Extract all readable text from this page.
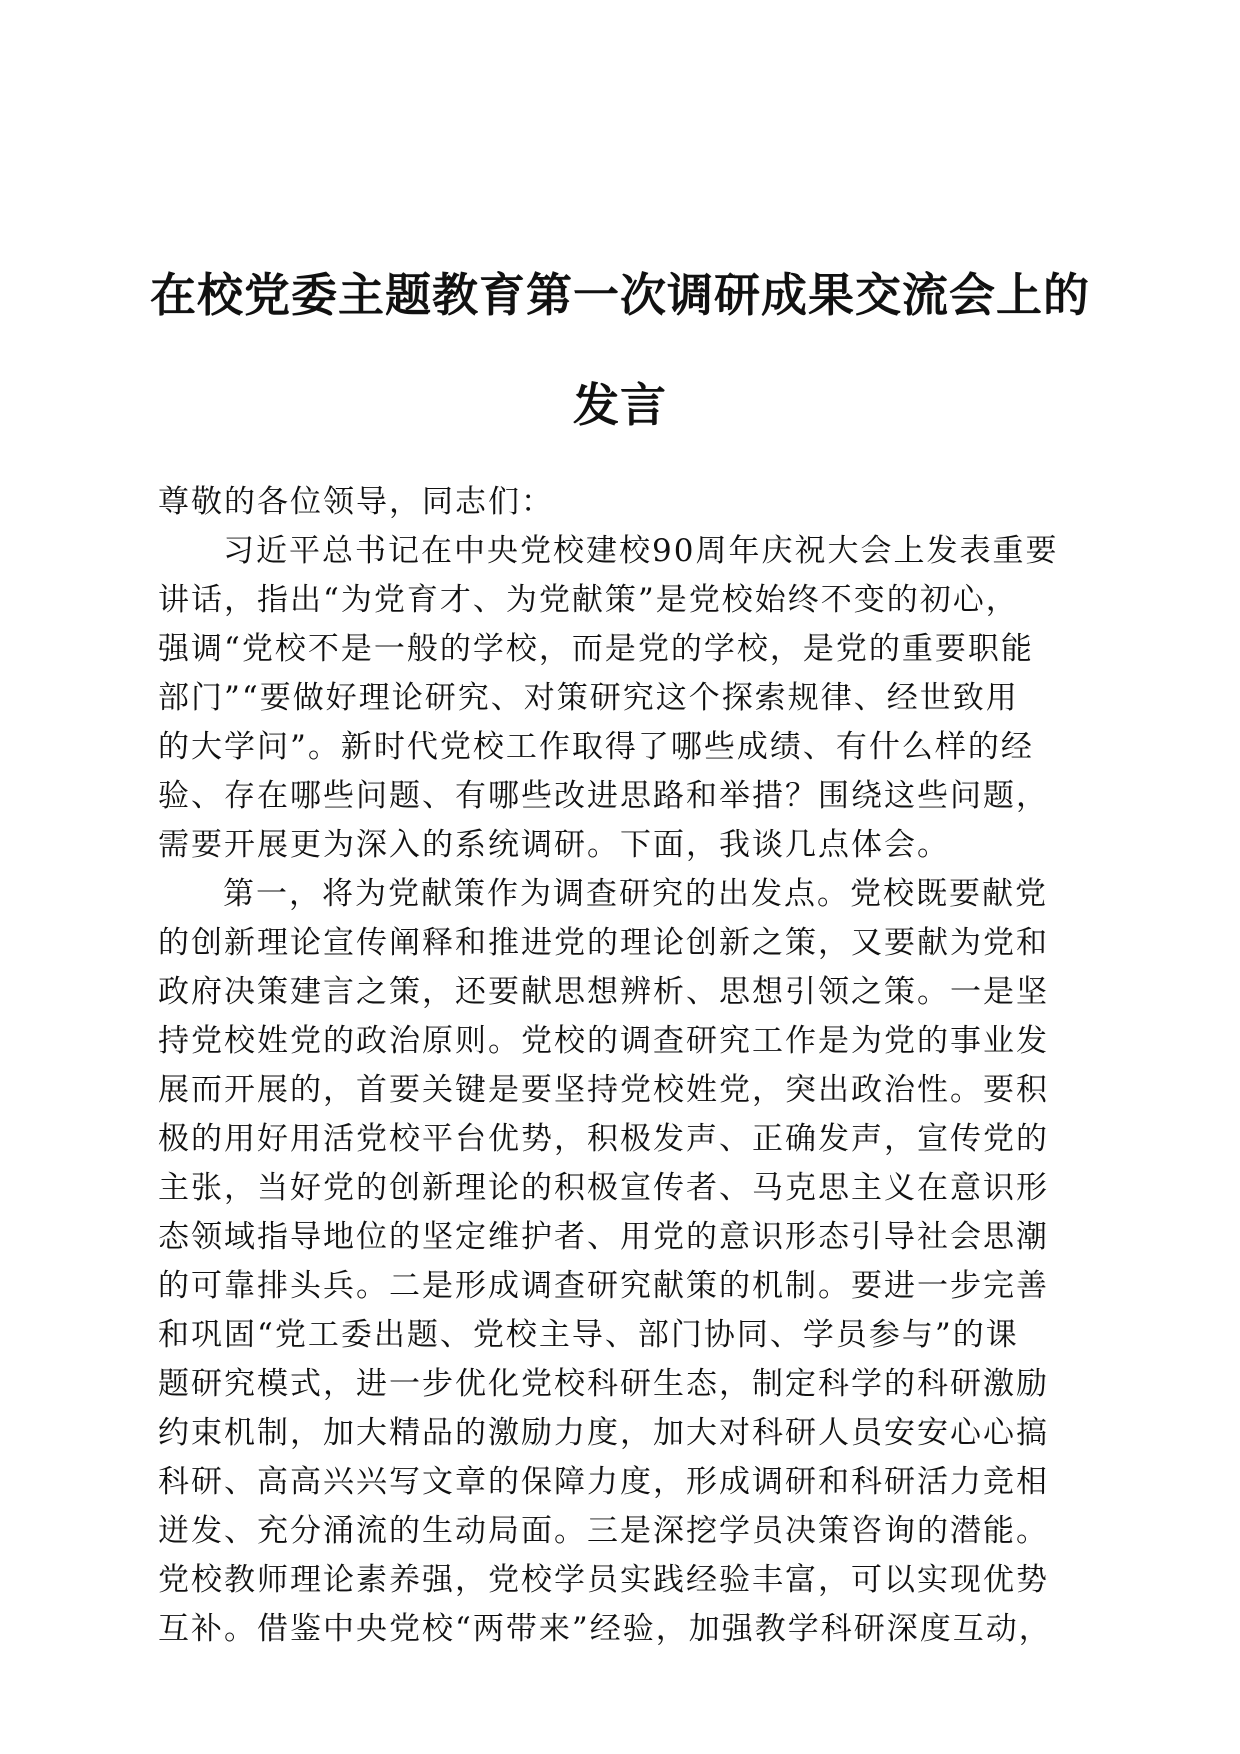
在校党委主题教育第一次调研成果交流会上的
发言
尊敬的各位领导，同志们：
习近平总书记在中央党校建校90周年庆祝大会上发表重要
讲话，指出“为党育才、为党献策”是党校始终不变的初心，
强调“党校不是一般的学校，而是党的学校，是党的重要职能
部门”“要做好理论研究、对策研究这个探索规律、经世致用
的大学问”。新时代党校工作取得了哪些成绩、有什么样的经
验、存在哪些问题、有哪些改进思路和举措？围绕这些问题，
需要开展更为深入的系统调研。下面，我谈几点体会。
第一，将为党献策作为调查研究的出发点。党校既要献党
的创新理论宣传阐释和推进党的理论创新之策，又要献为党和
政府决策建言之策，还要献思想辨析、思想引领之策。一是坚
持党校姓党的政治原则。党校的调查研究工作是为党的事业发
展而开展的，首要关键是要坚持党校姓党，突出政治性。要积
极的用好用活党校平台优势，积极发声、正确发声，宣传党的
主张，当好党的创新理论的积极宣传者、马克思主义在意识形
态领域指导地位的坚定维护者、用党的意识形态引导社会思潮
的可靠排头兵。二是形成调查研究献策的机制。要进一步完善
和巩固“党工委出题、党校主导、部门协同、学员参与”的课
题研究模式，进一步优化党校科研生态，制定科学的科研激励
约束机制，加大精品的激励力度，加大对科研人员安安心心搞
科研、高高兴兴写文章的保障力度，形成调研和科研活力竞相
迸发、充分涌流的生动局面。三是深挖学员决策咨询的潜能。
党校教师理论素养强，党校学员实践经验丰富，可以实现优势
互补。借鉴中央党校“两带来”经验，加强教学科研深度互动，
